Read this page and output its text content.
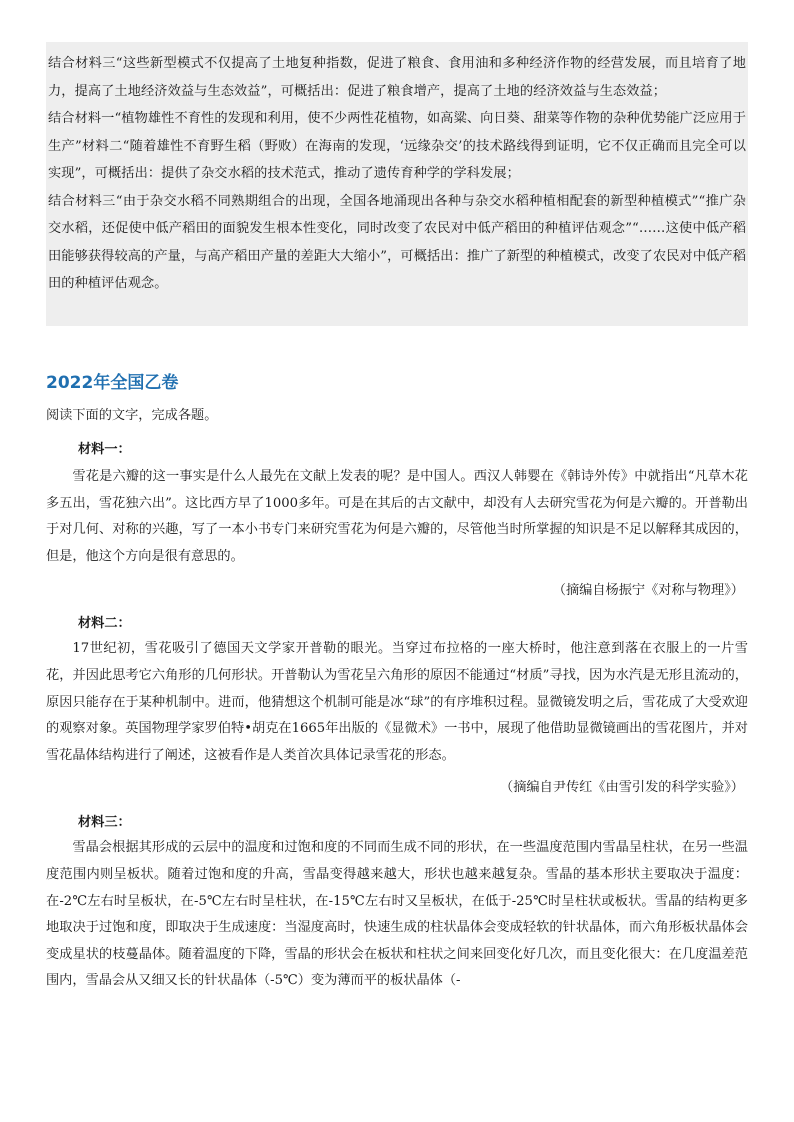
结合材料三“这些新型模式不仅提高了土地复种指数，促进了粮食、食用油和多种经济作物的经营发展，而且培育了地力，提高了土地经济效益与生态效益”，可概括出：促进了粮食增产，提高了土地的经济效益与生态效益；

结合材料一“植物雄性不育性的发现和利用，使不少两性花植物，如高粱、向日葵、甜菜等作物的杂种优势能广泛应用于生产”材料二“随着雄性不育野生稻（野败）在海南的发现，‘远缘杂交’的技术路线得到证明，它不仅正确而且完全可以实现”，可概括出：提供了杂交水稻的技术范式，推动了遗传育种学的学科发展；

结合材料三“由于杂交水稻不同熟期组合的出现，全国各地涌现出各种与杂交水稻种植相配套的新型种植模式”“推广杂交水稻，还促使中低产稻田的面貌发生根本性变化，同时改变了农民对中低产稻田的种植评估观念”“……这使中低产稻田能够获得较高的产量，与高产稻田产量的差距大大缩小”，可概括出：推广了新型的种植模式，改变了农民对中低产稻田的种植评估观念。

2022年全国乙卷

阅读下面的文字，完成各题。

材料一：

雪花是六瓣的这一事实是什么人最先在文献上发表的呢？是中国人。西汉人韩婴在《韩诗外传》中就指出“凡草木花多五出，雪花独六出”。这比西方早了1000多年。可是在其后的古文献中，却没有人去研究雪花为何是六瓣的。开普勒出于对几何、对称的兴趣，写了一本小书专门来研究雪花为何是六瓣的，尽管他当时所掌握的知识是不足以解释其成因的，但是，他这个方向是很有意思的。

（摘编自杨振宁《对称与物理》）

材料二：

17世纪初，雪花吸引了德国天文学家开普勒的眼光。当穿过布拉格的一座大桥时，他注意到落在衣服上的一片雪花，并因此思考它六角形的几何形状。开普勒认为雪花呈六角形的原因不能通过“材质”寻找，因为水汽是无形且流动的，原因只能存在于某种机制中。进而，他猜想这个机制可能是冰“球”的有序堆积过程。显微镜发明之后，雪花成了大受欢迎的观察对象。英国物理学家罗伯特•胡克在1665年出版的《显微术》一书中，展现了他借助显微镜画出的雪花图片，并对雪花晶体结构进行了阐述，这被看作是人类首次具体记录雪花的形态。

（摘编自尹传红《由雪引发的科学实验》）

材料三：

雪晶会根据其形成的云层中的温度和过饱和度的不同而生成不同的形状，在一些温度范围内雪晶呈柱状，在另一些温度范围内则呈板状。随着过饱和度的升高，雪晶变得越来越大，形状也越来越复杂。雪晶的基本形状主要取决于温度：在-2℃左右时呈板状，在-5℃左右时呈柱状，在-15℃左右时又呈板状，在低于-25℃时呈柱状或板状。雪晶的结构更多地取决于过饱和度，即取决于生成速度：当湿度高时，快速生成的柱状晶体会变成轻软的针状晶体，而六角形板状晶体会变成星状的枝蔓晶体。随着温度的下降，雪晶的形状会在板状和柱状之间来回变化好几次，而且变化很大：在几度温差范围内，雪晶会从又细又长的针状晶体（-5℃）变为薄而平的板状晶体（-
